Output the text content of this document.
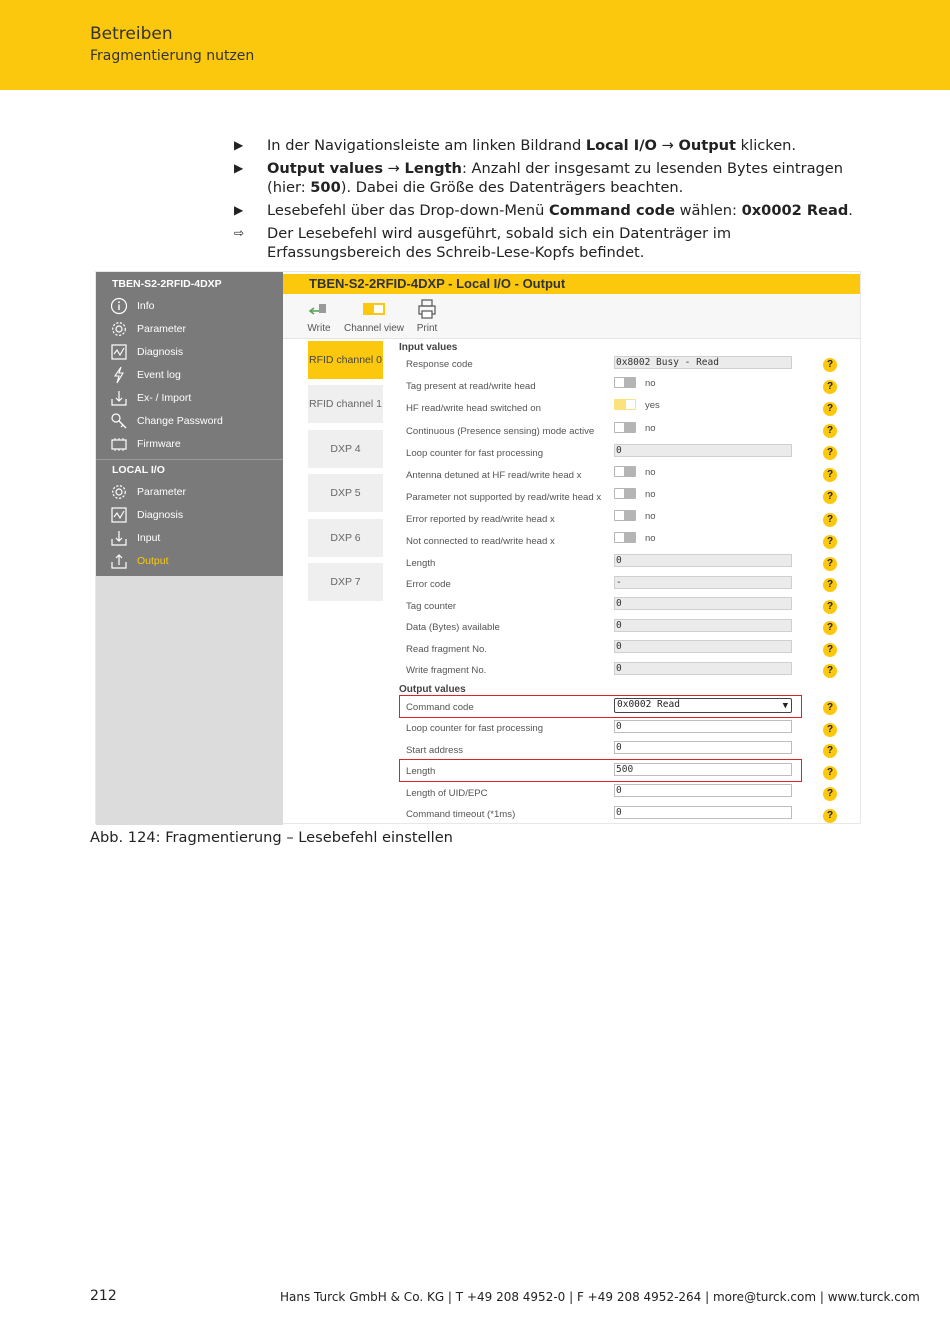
Betreiben
Fragmentierung nutzen
▶ In der Navigationsleiste am linken Bildrand Local I/O → Output klicken.
▶ Output values → Length: Anzahl der insgesamt zu lesenden Bytes eintragen (hier: 500). Dabei die Größe des Datenträgers beachten.
▶ Lesebefehl über das Drop-down-Menü Command code wählen: 0x0002 Read.
⇨ Der Lesebefehl wird ausgeführt, sobald sich ein Datenträger im Erfassungsbereich des Schreib-Lese-Kopfs befindet.
TBEN-S2-2RFID-4DXP
Info
Parameter
Diagnosis
Event log
Ex- / Import
Change Password
Firmware
LOCAL I/O
Parameter
Diagnosis
Input
Output
TBEN-S2-2RFID-4DXP - Local I/O - Output
Write Channel view	Print
RFID channel 0
RFID channel 1
DXP 4
DXP 5
DXP 6
DXP 7
Input values
Response code	0x8002 Busy - Read	?
Tag present at read/write head	no	?
HF read/write head switched on	yes	?
Continuous (Presence sensing) mode active	no	?
Loop counter for fast processing	0	?
Antenna detuned at HF read/write head x	no	?
Parameter not supported by read/write head x	no	?
Error reported by read/write head x	no	?
Not connected to read/write head x	no	?
Length	0	?
Error code	-	?
Tag counter	0	?
Data (Bytes) available	0	?
Read fragment No.	0	?
Write fragment No.	0	?
Output values
Command code	0x0002 Read	▼	?
Loop counter for fast processing	0	?
Start address	0	?
Length	500	?
Length of UID/EPC	0	?
Command timeout (*1ms)	0	?
Abb. 124: Fragmentierung – Lesebefehl einstellen
212	Hans Turck GmbH & Co. KG | T +49 208 4952-0 | F +49 208 4952-264 | more@turck.com | www.turck.com
